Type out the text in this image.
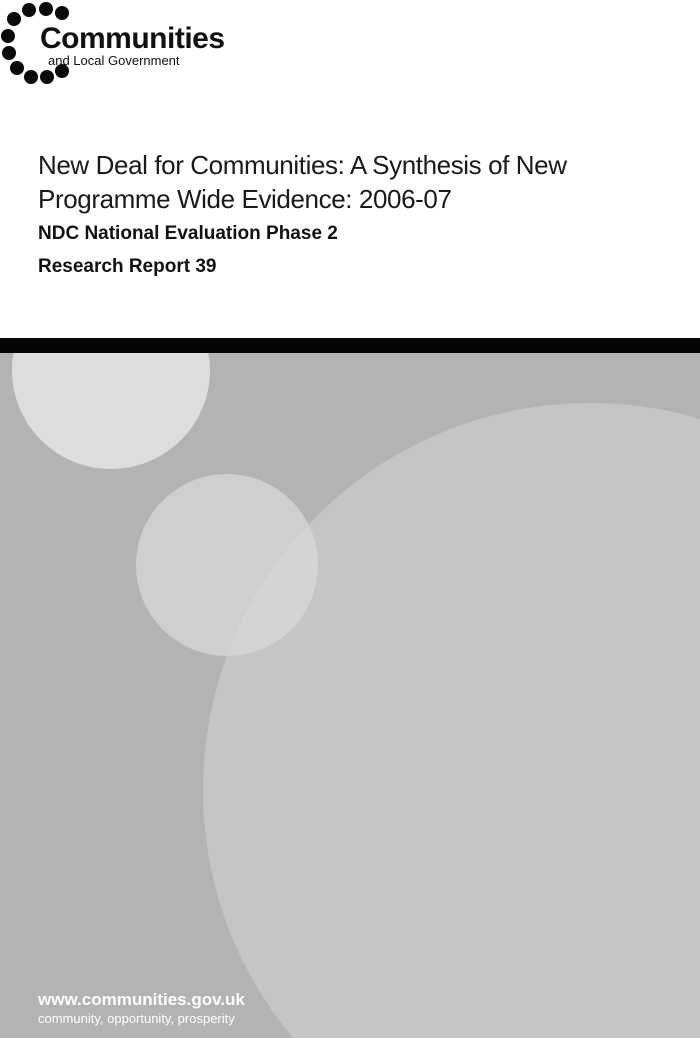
Communities
and Local Government
New Deal for Communities: A Synthesis of New Programme Wide Evidence: 2006-07
NDC National Evaluation Phase 2
Research Report 39
www.communities.gov.uk
community, opportunity, prosperity
